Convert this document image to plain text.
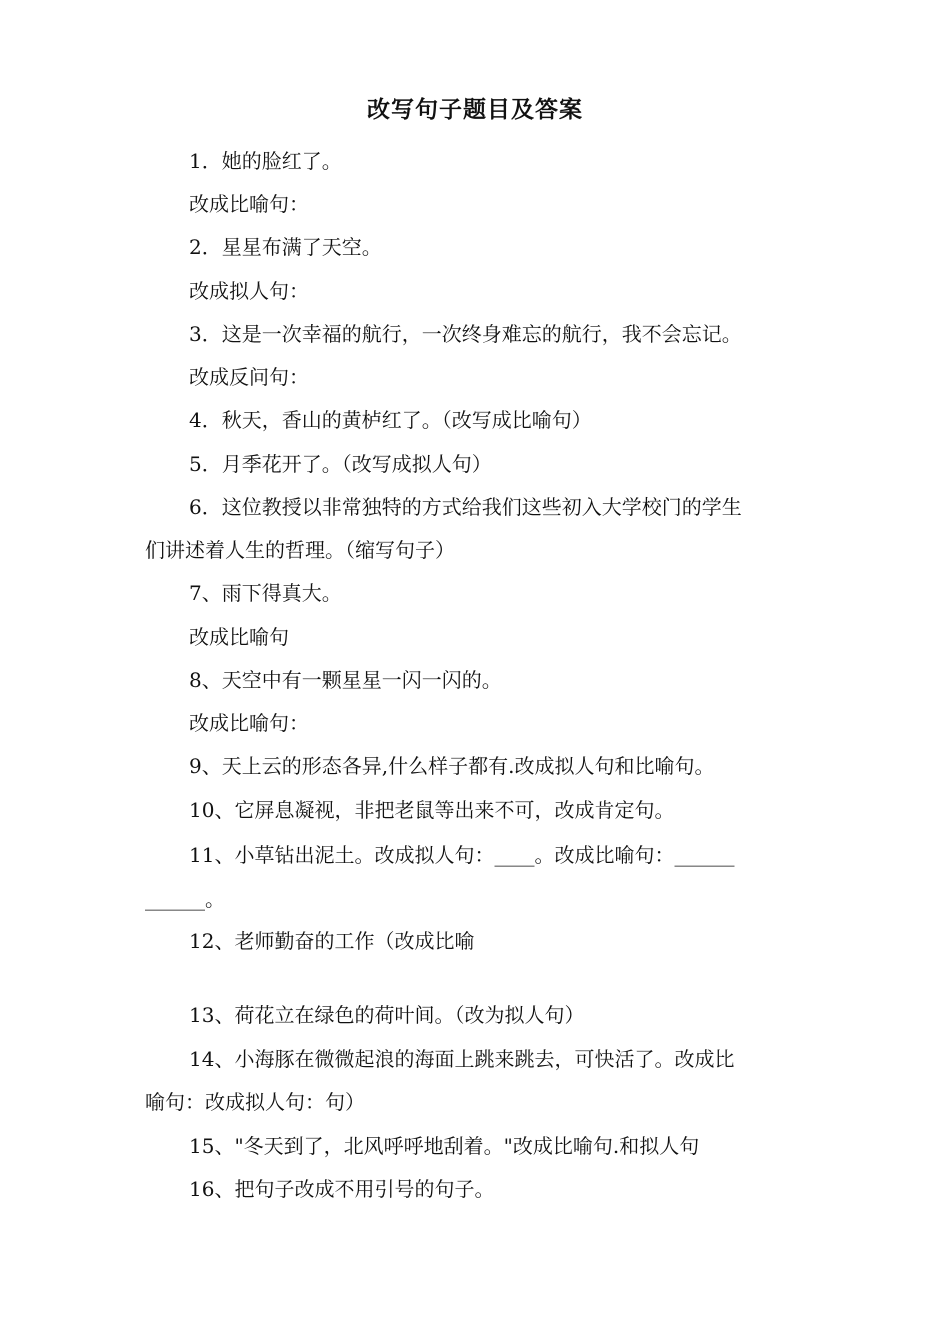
改写句子题目及答案
1．她的脸红了。
改成比喻句：
2．星星布满了天空。
改成拟人句：
3．这是一次幸福的航行，一次终身难忘的航行，我不会忘记。
改成反问句：
4．秋天，香山的黄栌红了。（改写成比喻句）
5．月季花开了。（改写成拟人句）
6．这位教授以非常独特的方式给我们这些初入大学校门的学生
们讲述着人生的哲理。（缩写句子）
7、雨下得真大。
改成比喻句
8、天空中有一颗星星一闪一闪的。
改成比喻句：
9、天上云的形态各异,什么样子都有.改成拟人句和比喻句。
10、它屏息凝视，非把老鼠等出来不可，改成肯定句。
11、小草钻出泥土。改成拟人句：____。改成比喻句：______
______。
12、老师勤奋的工作（改成比喻
13、荷花立在绿色的荷叶间。（改为拟人句）
14、小海豚在微微起浪的海面上跳来跳去，可快活了。改成比
喻句：改成拟人句：句）
15、"冬天到了，北风呼呼地刮着。"改成比喻句.和拟人句
16、把句子改成不用引号的句子。
